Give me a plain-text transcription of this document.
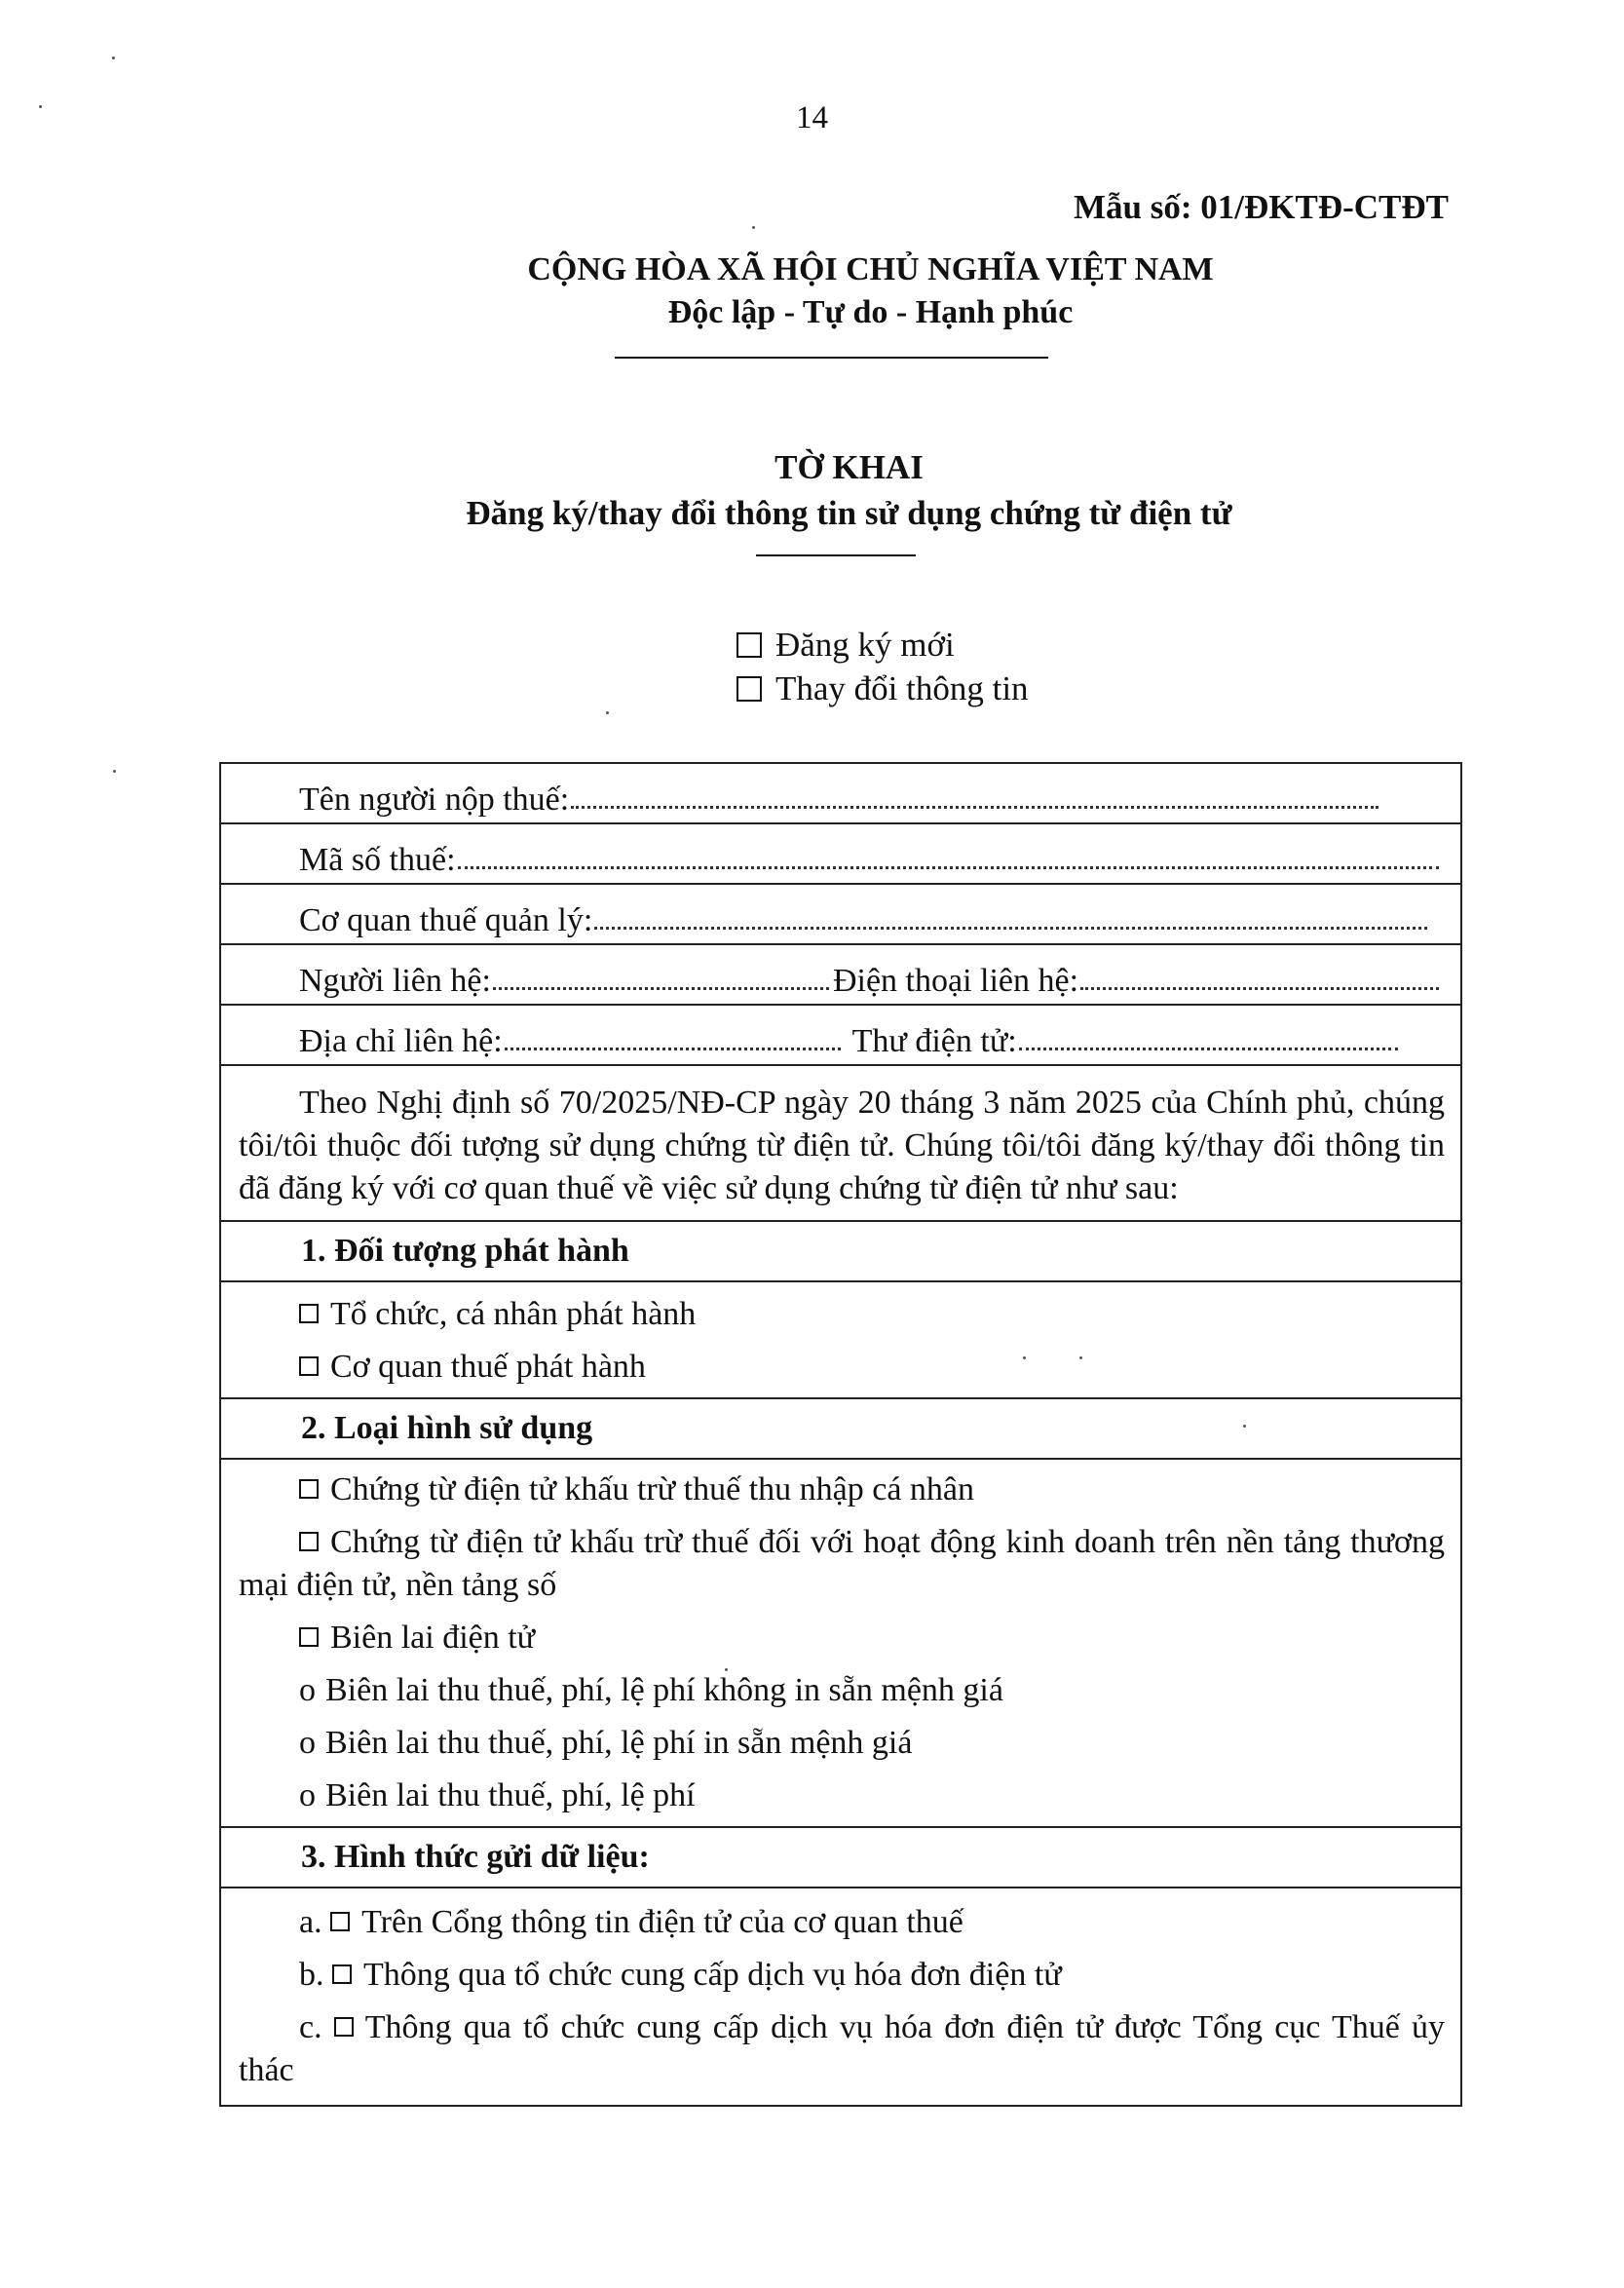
14
Mẫu số: 01/ĐKTĐ-CTĐT
CỘNG HÒA XÃ HỘI CHỦ NGHĨA VIỆT NAM
Độc lập - Tự do - Hạnh phúc
TỜ KHAI
Đăng ký/thay đổi thông tin sử dụng chứng từ điện tử
Đăng ký mới
Thay đổi thông tin
Tên người nộp thuế:
Mã số thuế:
Cơ quan thuế quản lý:
Người liên hệ:	Điện thoại liên hệ:
Địa chỉ liên hệ:	Thư điện tử:
Theo Nghị định số 70/2025/NĐ-CP ngày 20 tháng 3 năm 2025 của Chính phủ, chúng tôi/tôi thuộc đối tượng sử dụng chứng từ điện tử. Chúng tôi/tôi đăng ký/thay đổi thông tin đã đăng ký với cơ quan thuế về việc sử dụng chứng từ điện tử như sau:
1. Đối tượng phát hành
Tổ chức, cá nhân phát hành
Cơ quan thuế phát hành
2. Loại hình sử dụng
Chứng từ điện tử khấu trừ thuế thu nhập cá nhân
Chứng từ điện tử khấu trừ thuế đối với hoạt động kinh doanh trên nền tảng thương mại điện tử, nền tảng số
Biên lai điện tử
o Biên lai thu thuế, phí, lệ phí không in sẵn mệnh giá
o Biên lai thu thuế, phí, lệ phí in sẵn mệnh giá
o Biên lai thu thuế, phí, lệ phí
3. Hình thức gửi dữ liệu:
a. Trên Cổng thông tin điện tử của cơ quan thuế
b. Thông qua tổ chức cung cấp dịch vụ hóa đơn điện tử
c. Thông qua tổ chức cung cấp dịch vụ hóa đơn điện tử được Tổng cục Thuế ủy thác
